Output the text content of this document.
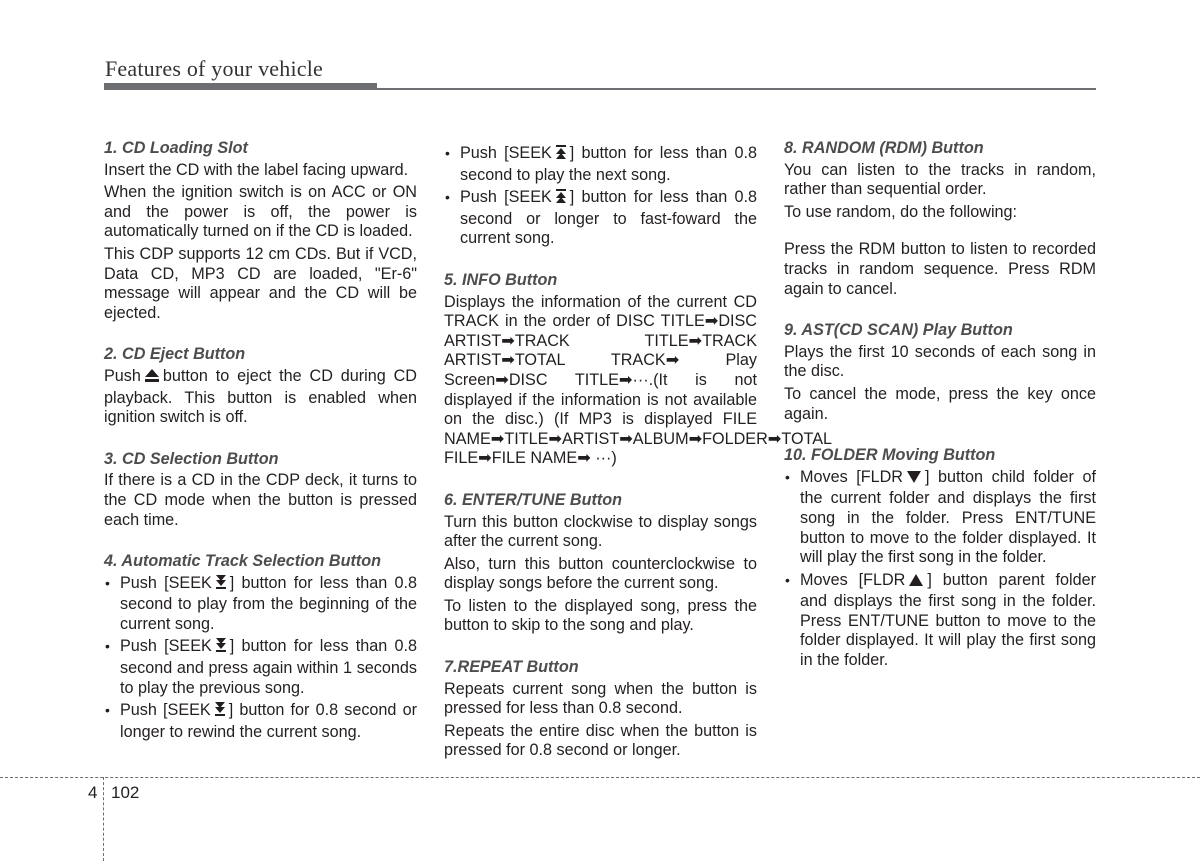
Features of your vehicle
1. CD Loading Slot
Insert the CD with the label facing upward.
When the ignition switch is on ACC or ON and the power is off, the power is automatically turned on if the CD is loaded.
This CDP supports 12 cm CDs. But if VCD, Data CD, MP3 CD are loaded, "Er-6" message will appear and the CD will be ejected.
2. CD Eject Button
Push button to eject the CD during CD playback. This button is enabled when ignition switch is off.
3. CD Selection Button
If there is a CD in the CDP deck, it turns to the CD mode when the button is pressed each time.
4. Automatic Track Selection Button
• Push [SEEK ] button for less than 0.8 second to play from the beginning of the current song.
• Push [SEEK ] button for less than 0.8 second and press again within 1 seconds to play the previous song.
• Push [SEEK ] button for 0.8 second or longer to rewind the current song.
• Push [SEEK ] button for less than 0.8 second to play the next song.
• Push [SEEK ] button for less than 0.8 second or longer to fast-foward the current song.
5. INFO Button
Displays the information of the current CD TRACK in the order of DISC TITLE➡DISC ARTIST➡TRACK TITLE➡TRACK ARTIST➡TOTAL TRACK➡ Play Screen➡DISC TITLE➡···.(It is not displayed if the information is not available on the disc.) (If MP3 is displayed FILE NAME➡TITLE➡ARTIST➡ALBUM➡FOLDER➡TOTAL FILE➡FILE NAME➡ ···)
6. ENTER/TUNE Button
Turn this button clockwise to display songs after the current song.
Also, turn this button counterclockwise to display songs before the current song.
To listen to the displayed song, press the button to skip to the song and play.
7.REPEAT Button
Repeats current song when the button is pressed for less than 0.8 second.
Repeats the entire disc when the button is pressed for 0.8 second or longer.
8. RANDOM (RDM) Button
You can listen to the tracks in random, rather than sequential order.
To use random, do the following:
Press the RDM button to listen to recorded tracks in random sequence. Press RDM again to cancel.
9. AST(CD SCAN) Play Button
Plays the first 10 seconds of each song in the disc.
To cancel the mode, press the key once again.
10. FOLDER Moving Button
• Moves [FLDR ] button child folder of the current folder and displays the first song in the folder. Press ENT/TUNE button to move to the folder displayed. It will play the first song in the folder.
• Moves [FLDR ] button parent folder and displays the first song in the folder. Press ENT/TUNE button to move to the folder displayed. It will play the first song in the folder.
4 102
